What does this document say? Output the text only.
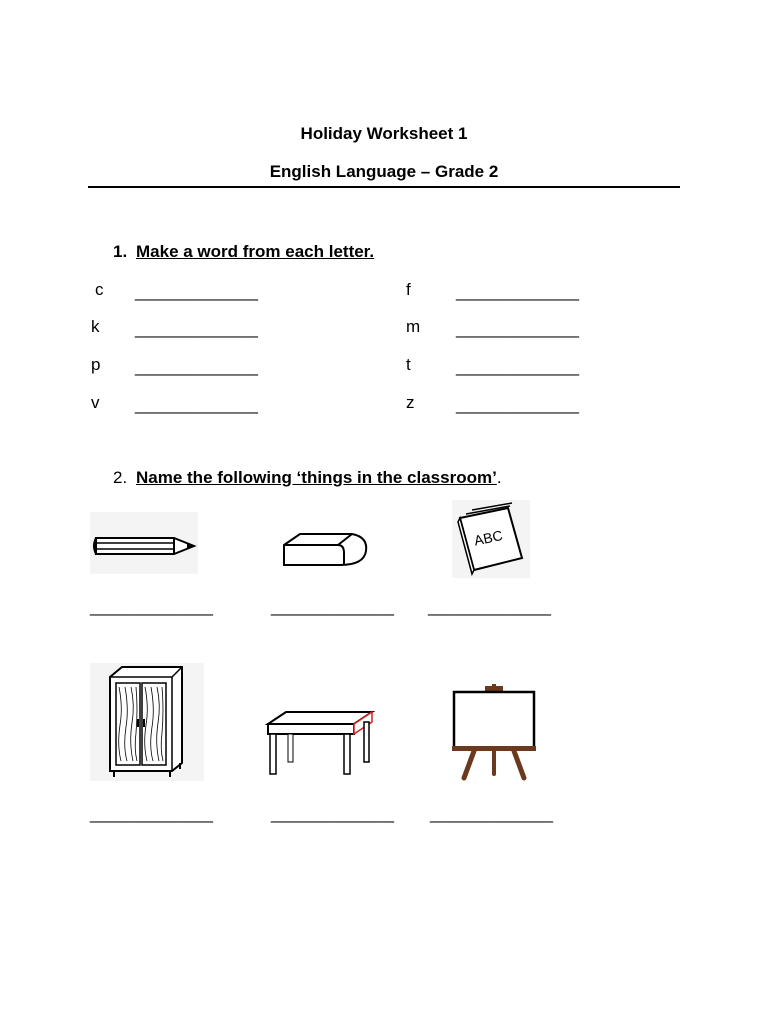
Holiday Worksheet 1
English Language – Grade 2
1. Make a word from each letter.
c _____________	f	_____________
k _____________	m _____________
p _____________	t	_____________
v _____________	z _____________
2. Name the following ‘things in the classroom’.
ABC
_____________	_____________ _____________
_____________	_____________ _____________
